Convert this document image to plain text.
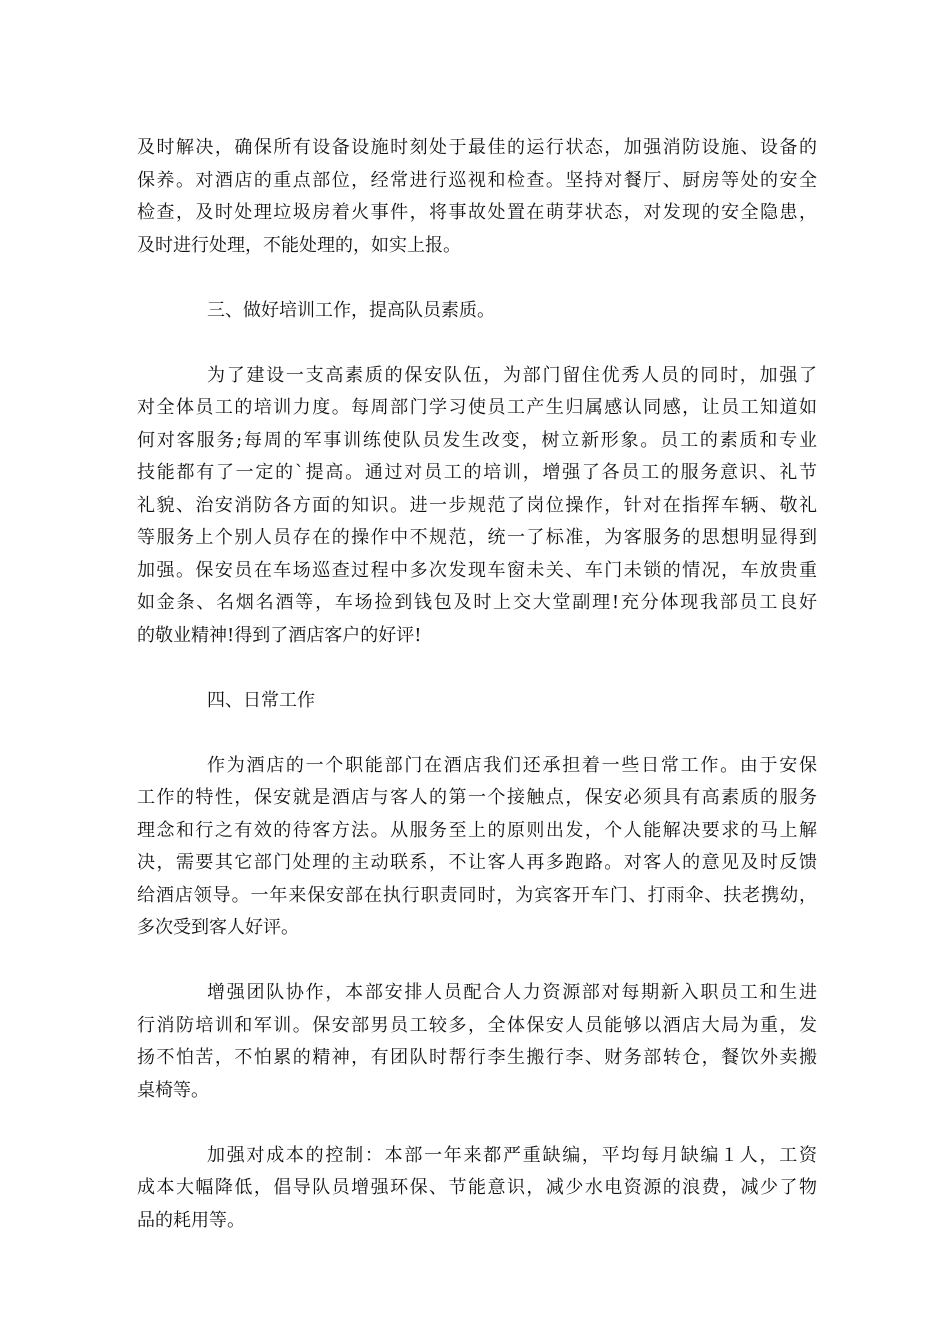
及时解决，确保所有设备设施时刻处于最佳的运行状态，加强消防设施、设备的
保养。对酒店的重点部位，经常进行巡视和检查。坚持对餐厅、厨房等处的安全
检查，及时处理垃圾房着火事件，将事故处置在萌芽状态，对发现的安全隐患，
及时进行处理，不能处理的，如实上报。
三、做好培训工作，提高队员素质。
为了建设一支高素质的保安队伍，为部门留住优秀人员的同时，加强了
对全体员工的培训力度。每周部门学习使员工产生归属感认同感，让员工知道如
何对客服务;每周的军事训练使队员发生改变，树立新形象。员工的素质和专业
技能都有了一定的`提高。通过对员工的培训，增强了各员工的服务意识、礼节
礼貌、治安消防各方面的知识。进一步规范了岗位操作，针对在指挥车辆、敬礼
等服务上个别人员存在的操作中不规范，统一了标准，为客服务的思想明显得到
加强。保安员在车场巡查过程中多次发现车窗未关、车门未锁的情况，车放贵重
如金条、名烟名酒等，车场捡到钱包及时上交大堂副理!充分体现我部员工良好
的敬业精神!得到了酒店客户的好评!
四、日常工作
作为酒店的一个职能部门在酒店我们还承担着一些日常工作。由于安保
工作的特性，保安就是酒店与客人的第一个接触点，保安必须具有高素质的服务
理念和行之有效的待客方法。从服务至上的原则出发，个人能解决要求的马上解
决，需要其它部门处理的主动联系，不让客人再多跑路。对客人的意见及时反馈
给酒店领导。一年来保安部在执行职责同时，为宾客开车门、打雨伞、扶老携幼，
多次受到客人好评。
增强团队协作，本部安排人员配合人力资源部对每期新入职员工和生进
行消防培训和军训。保安部男员工较多，全体保安人员能够以酒店大局为重，发
扬不怕苦，不怕累的精神，有团队时帮行李生搬行李、财务部转仓，餐饮外卖搬
桌椅等。
加强对成本的控制：本部一年来都严重缺编，平均每月缺编１人，工资
成本大幅降低，倡导队员增强环保、节能意识，减少水电资源的浪费，减少了物
品的耗用等。
